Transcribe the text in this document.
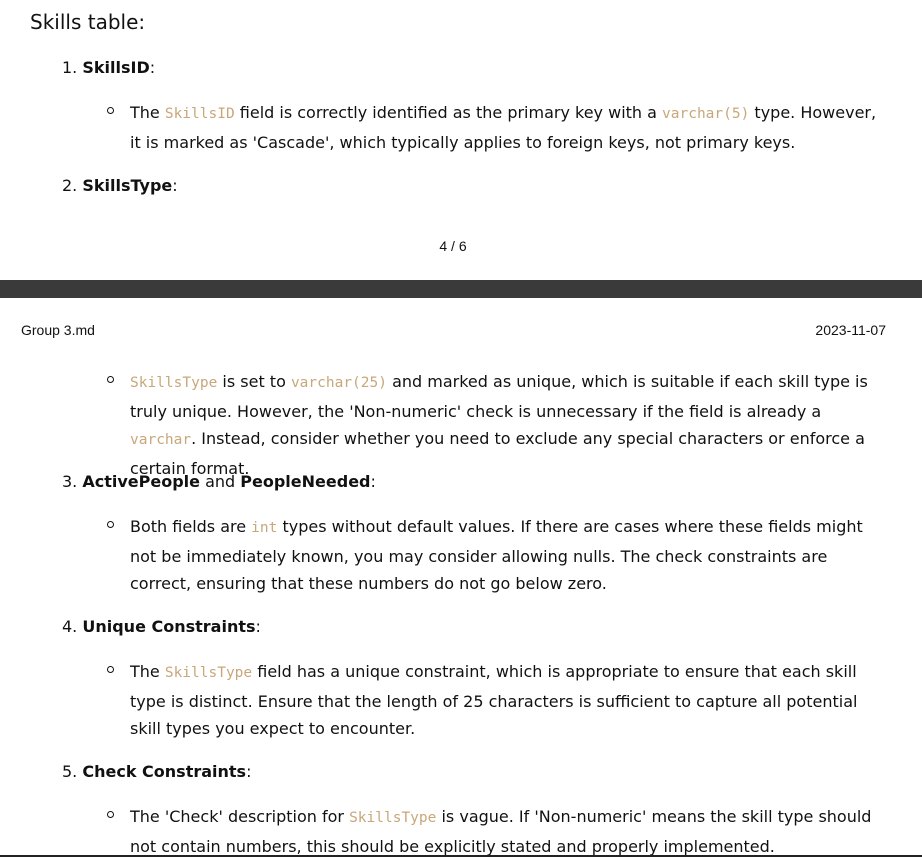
Skills table:
1. SkillsID:
The SkillsID field is correctly identified as the primary key with a varchar(5) type. However, it is marked as 'Cascade', which typically applies to foreign keys, not primary keys.
2. SkillsType:
4 / 6
Group 3.md	2023-11-07
SkillsType is set to varchar(25) and marked as unique, which is suitable if each skill type is truly unique. However, the 'Non-numeric' check is unnecessary if the field is already a varchar. Instead, consider whether you need to exclude any special characters or enforce a certain format.
3. ActivePeople and PeopleNeeded:
Both fields are int types without default values. If there are cases where these fields might not be immediately known, you may consider allowing nulls. The check constraints are correct, ensuring that these numbers do not go below zero.
4. Unique Constraints:
The SkillsType field has a unique constraint, which is appropriate to ensure that each skill type is distinct. Ensure that the length of 25 characters is sufficient to capture all potential skill types you expect to encounter.
5. Check Constraints:
The 'Check' description for SkillsType is vague. If 'Non-numeric' means the skill type should not contain numbers, this should be explicitly stated and properly implemented.
